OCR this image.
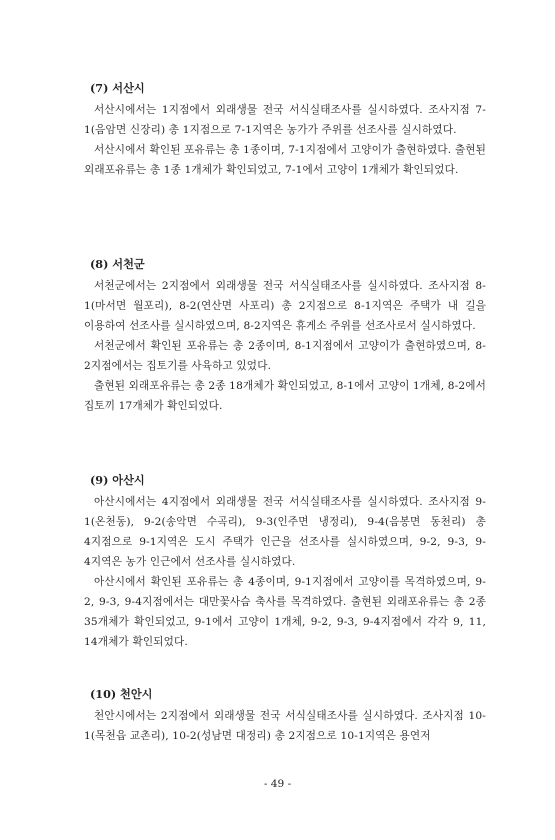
(7) 서산시

서산시에서는 1지점에서 외래생물 전국 서식실태조사를 실시하였다. 조사지점 7-1(음암면 신장리) 총 1지점으로 7-1지역은 농가가 주위를 선조사를 실시하였다.

서산시에서 확인된 포유류는 총 1종이며, 7-1지점에서 고양이가 출현하였다. 출현된 외래포유류는 총 1종 1개체가 확인되었고, 7-1에서 고양이 1개체가 확인되었다.

(8) 서천군

서천군에서는 2지점에서 외래생물 전국 서식실태조사를 실시하였다. 조사지점 8-1(마서면 월포리), 8-2(연산면 사포리) 총 2지점으로 8-1지역은 주택가 내 길을 이용하여 선조사를 실시하였으며, 8-2지역은 휴게소 주위를 선조사로서 실시하였다.

서천군에서 확인된 포유류는 총 2종이며, 8-1지점에서 고양이가 출현하였으며, 8-2지점에서는 집토기를 사육하고 있었다.

출현된 외래포유류는 총 2종 18개체가 확인되었고, 8-1에서 고양이 1개체, 8-2에서 집토끼 17개체가 확인되었다.

(9) 아산시

아산시에서는 4지점에서 외래생물 전국 서식실태조사를 실시하였다. 조사지점 9-1(온천동), 9-2(송악면 수곡리), 9-3(인주면 냉정리), 9-4(음봉면 동천리) 총 4지점으로 9-1지역은 도시 주택가 인근을 선조사를 실시하였으며, 9-2, 9-3, 9-4지역은 농가 인근에서 선조사를 실시하였다.

아산시에서 확인된 포유류는 총 4종이며, 9-1지점에서 고양이를 목격하였으며, 9-2, 9-3, 9-4지점에서는 대만꽃사슴 축사를 목격하였다. 출현된 외래포유류는 총 2종 35개체가 확인되었고, 9-1에서 고양이 1개체, 9-2, 9-3, 9-4지점에서 각각 9, 11, 14개체가 확인되었다.

(10) 천안시

천안시에서는 2지점에서 외래생물 전국 서식실태조사를 실시하였다. 조사지점 10-1(목천읍 교촌리), 10-2(성남면 대정리) 총 2지점으로 10-1지역은 용연저

- 49 -
